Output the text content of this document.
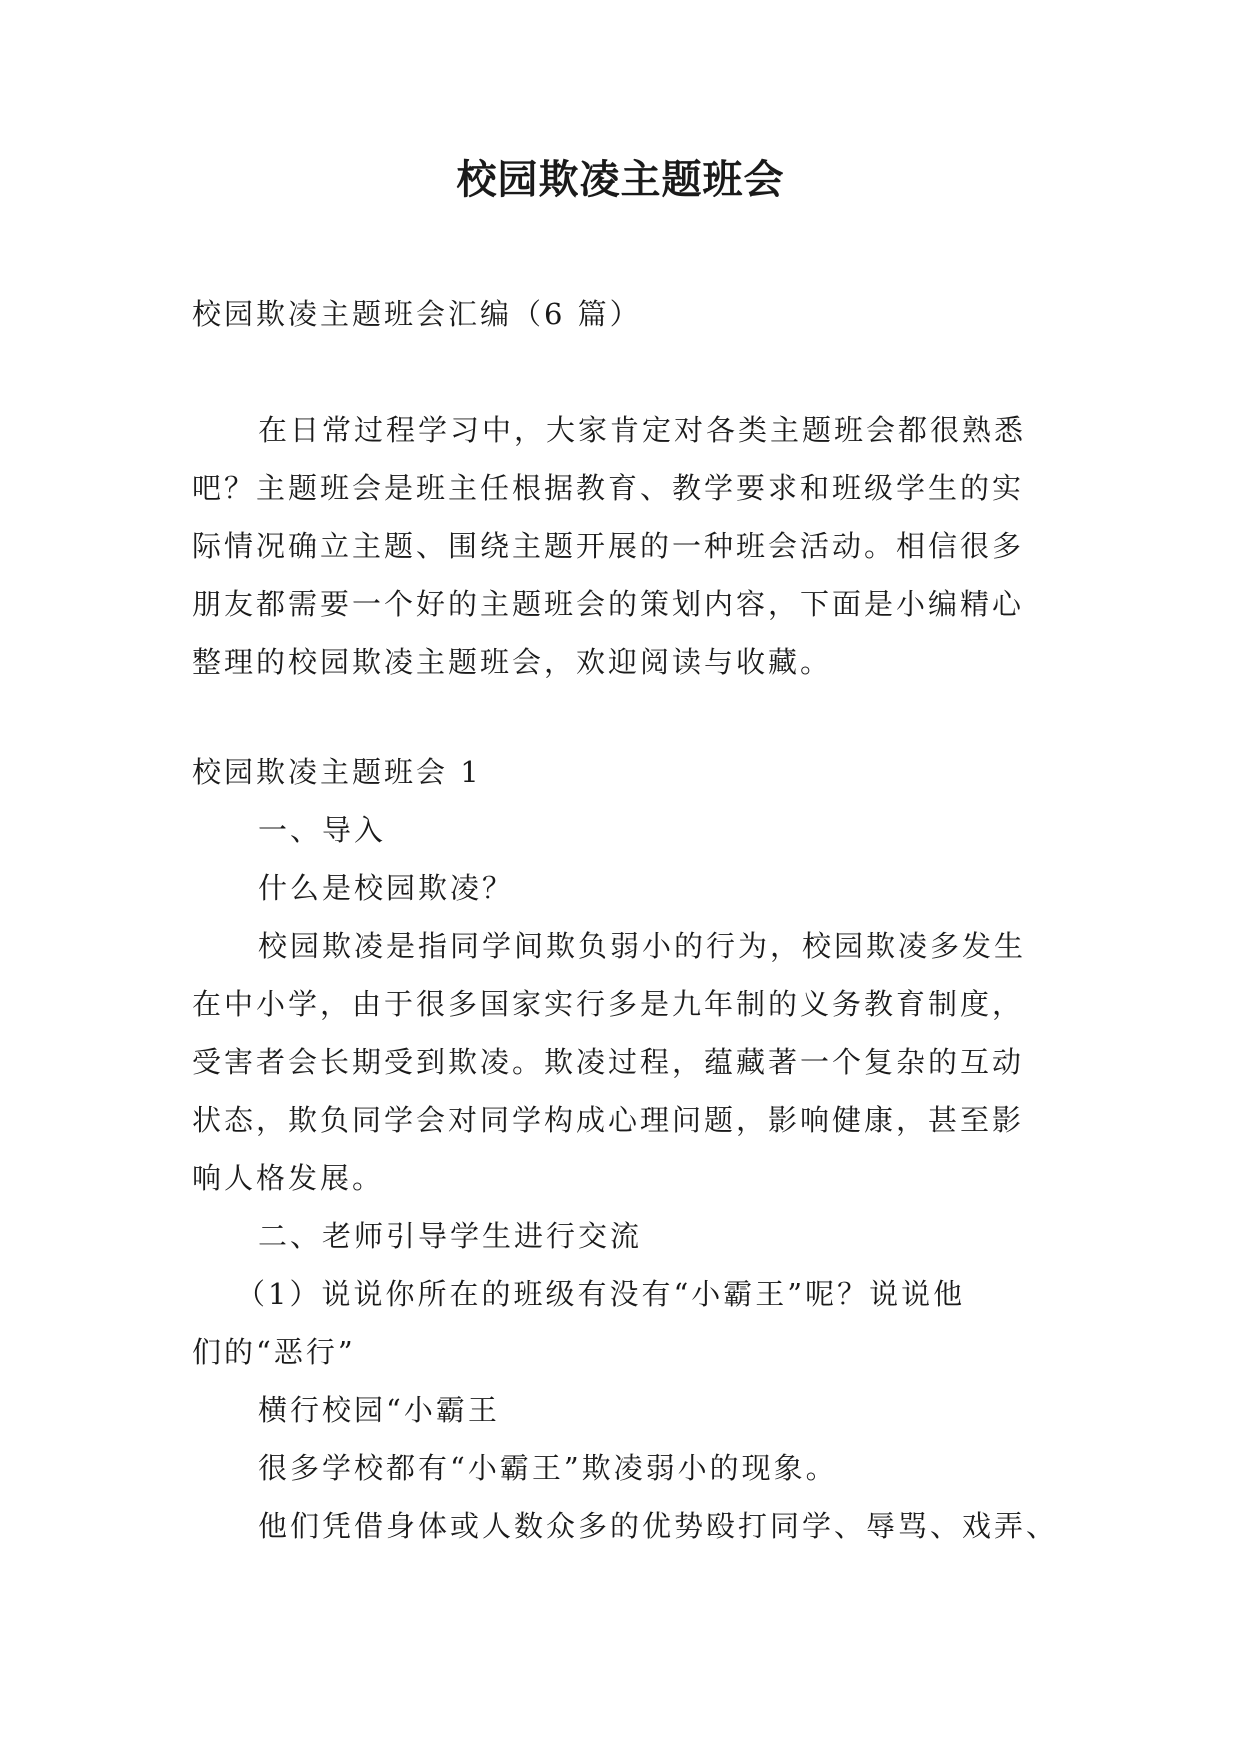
校园欺凌主题班会
校园欺凌主题班会汇编（6 篇）
在日常过程学习中，大家肯定对各类主题班会都很熟悉
吧？主题班会是班主任根据教育、教学要求和班级学生的实
际情况确立主题、围绕主题开展的一种班会活动。相信很多
朋友都需要一个好的主题班会的策划内容，下面是小编精心
整理的校园欺凌主题班会，欢迎阅读与收藏。
校园欺凌主题班会 1
一、导入
什么是校园欺凌？
校园欺凌是指同学间欺负弱小的行为，校园欺凌多发生
在中小学，由于很多国家实行多是九年制的义务教育制度，
受害者会长期受到欺凌。欺凌过程，蕴藏著一个复杂的互动
状态，欺负同学会对同学构成心理问题，影响健康，甚至影
响人格发展。
二、老师引导学生进行交流
（1）说说你所在的班级有没有“小霸王”呢？说说他
们的“恶行”
横行校园“小霸王
很多学校都有“小霸王”欺凌弱小的现象。
他们凭借身体或人数众多的优势殴打同学、辱骂、戏弄、
